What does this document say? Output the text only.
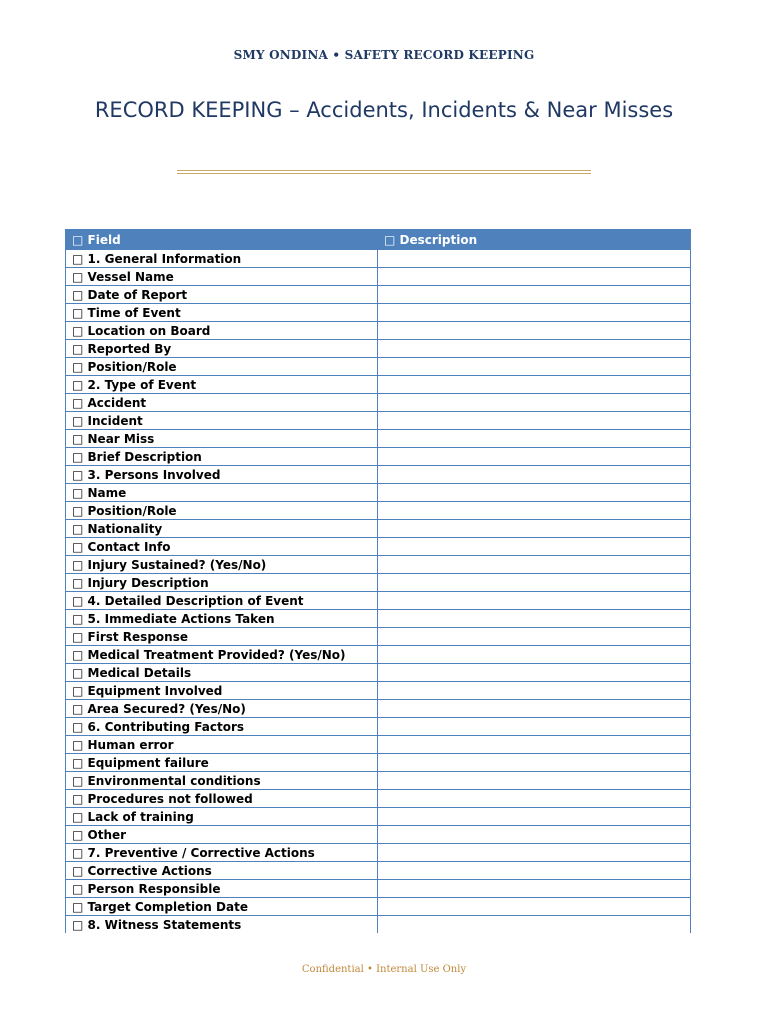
SMY ONDINA • SAFETY RECORD KEEPING
RECORD KEEPING – Accidents, Incidents & Near Misses
□ Field	□ Description
□ 1. General Information	
□ Vessel Name	
□ Date of Report	
□ Time of Event	
□ Location on Board	
□ Reported By	
□ Position/Role	
□ 2. Type of Event	
□ Accident	
□ Incident	
□ Near Miss	
□ Brief Description	
□ 3. Persons Involved	
□ Name	
□ Position/Role	
□ Nationality	
□ Contact Info	
□ Injury Sustained? (Yes/No)	
□ Injury Description	
□ 4. Detailed Description of Event	
□ 5. Immediate Actions Taken	
□ First Response	
□ Medical Treatment Provided? (Yes/No)	
□ Medical Details	
□ Equipment Involved	
□ Area Secured? (Yes/No)	
□ 6. Contributing Factors	
□ Human error	
□ Equipment failure	
□ Environmental conditions	
□ Procedures not followed	
□ Lack of training	
□ Other	
□ 7. Preventive / Corrective Actions	
□ Corrective Actions	
□ Person Responsible	
□ Target Completion Date	
□ 8. Witness Statements	
Confidential • Internal Use Only
